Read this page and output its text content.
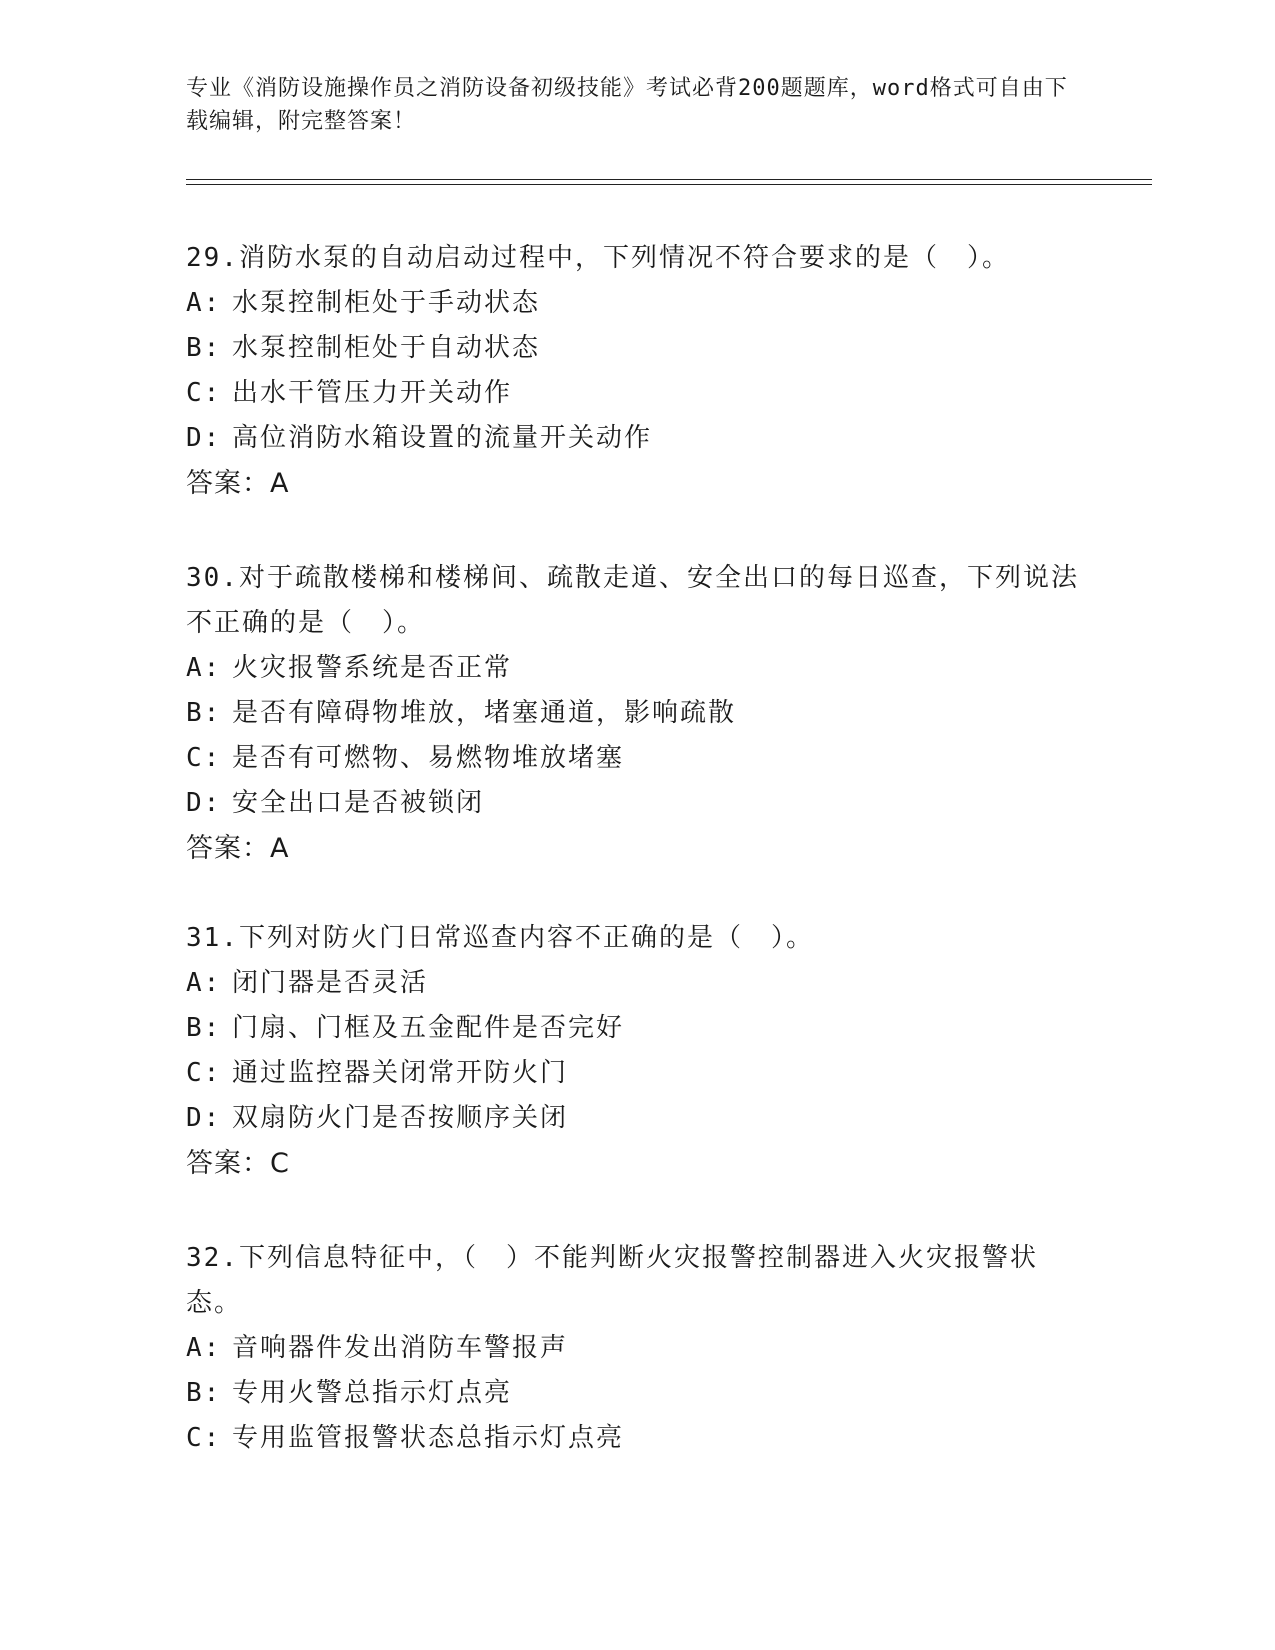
专业《消防设施操作员之消防设备初级技能》考试必背200题题库，word格式可自由下载编辑，附完整答案！

29.消防水泵的自动启动过程中，下列情况不符合要求的是（　）。

A: 水泵控制柜处于手动状态
B: 水泵控制柜处于自动状态
C: 出水干管压力开关动作
D: 高位消防水箱设置的流量开关动作
答案：A

30.对于疏散楼梯和楼梯间、疏散走道、安全出口的每日巡查，下列说法不正确的是（　）。

A: 火灾报警系统是否正常
B: 是否有障碍物堆放，堵塞通道，影响疏散
C: 是否有可燃物、易燃物堆放堵塞
D: 安全出口是否被锁闭
答案：A

31.下列对防火门日常巡查内容不正确的是（　）。

A: 闭门器是否灵活
B: 门扇、门框及五金配件是否完好
C: 通过监控器关闭常开防火门
D: 双扇防火门是否按顺序关闭
答案：C

32.下列信息特征中，（　）不能判断火灾报警控制器进入火灾报警状态。

A: 音响器件发出消防车警报声
B: 专用火警总指示灯点亮
C: 专用监管报警状态总指示灯点亮
